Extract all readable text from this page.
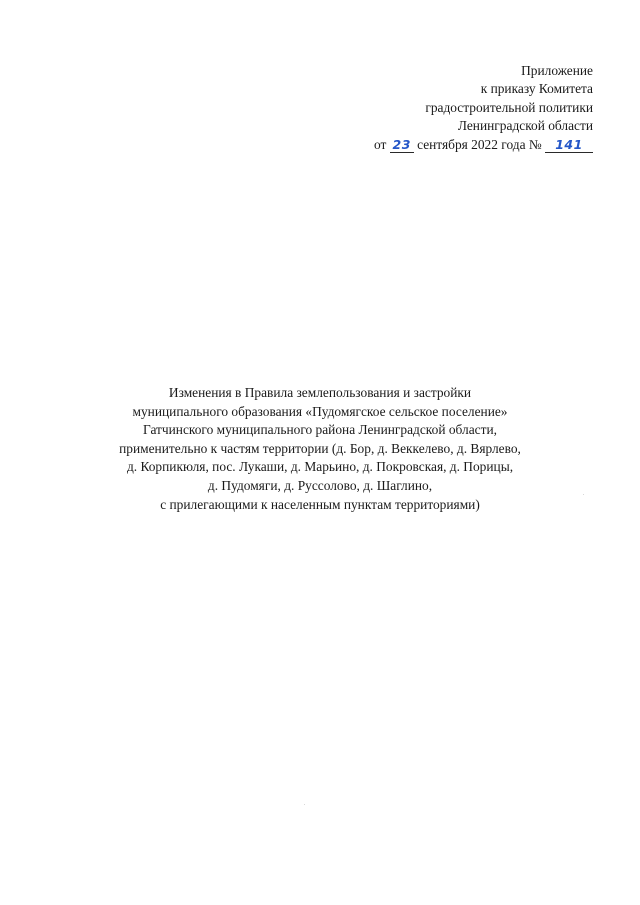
Приложение
к приказу Комитета
градостроительной политики
Ленинградской области
от 23 сентября 2022 года № 141
Изменения в Правила землепользования и застройки
муниципального образования «Пудомягское сельское поселение»
Гатчинского муниципального района Ленинградской области,
применительно к частям территории (д. Бор, д. Веккелево, д. Вярлево,
д. Корпикюля, пос. Лукаши, д. Марьино, д. Покровская, д. Порицы,
д. Пудомяги, д. Руссолово, д. Шаглино,
с прилегающими к населенным пунктам территориями)
